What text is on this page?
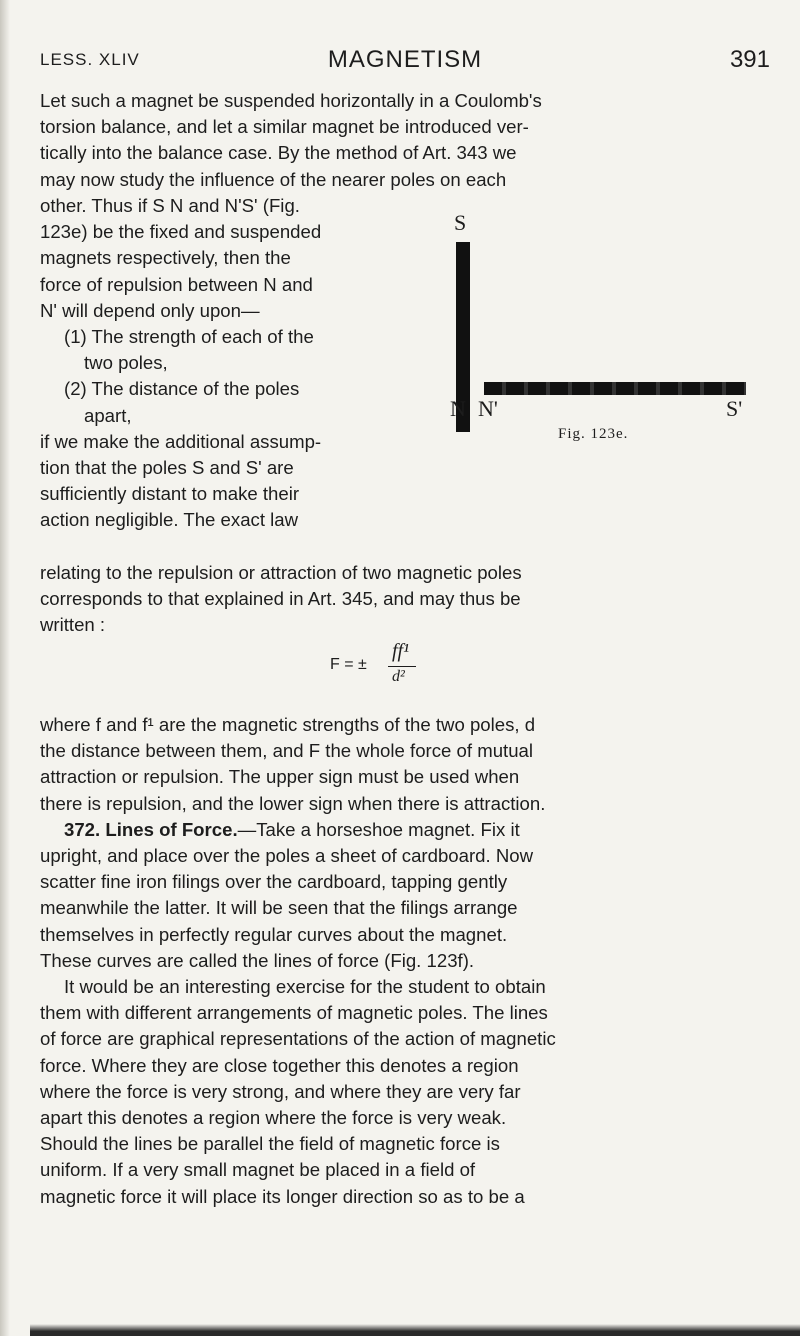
LESS. XLIV	MAGNETISM	391

Let such a magnet be suspended horizontally in a Coulomb's

torsion balance, and let a similar magnet be introduced ver-

tically into the balance case. By the method of Art. 343 we

may now study the influence of the nearer poles on each

other. Thus if S N and N'S' (Fig.

123e) be the fixed and suspended

magnets respectively, then the

force of repulsion between N and

N' will depend only upon—

(1) The strength of each of the

two poles,

(2) The distance of the poles

apart,

if we make the additional assump-

tion that the poles S and S' are

sufficiently distant to make their

action negligible. The exact law

S
N N'	S'
Fig. 123e.

relating to the repulsion or attraction of two magnetic poles

corresponds to that explained in Art. 345, and may thus be

written :

F = ±
ff¹
d²

where f and f¹ are the magnetic strengths of the two poles, d

the distance between them, and F the whole force of mutual

attraction or repulsion. The upper sign must be used when

there is repulsion, and the lower sign when there is attraction.

372. Lines of Force.—Take a horseshoe magnet. Fix it

upright, and place over the poles a sheet of cardboard. Now

scatter fine iron filings over the cardboard, tapping gently

meanwhile the latter. It will be seen that the filings arrange

themselves in perfectly regular curves about the magnet.

These curves are called the lines of force (Fig. 123f).

It would be an interesting exercise for the student to obtain

them with different arrangements of magnetic poles. The lines

of force are graphical representations of the action of magnetic

force. Where they are close together this denotes a region

where the force is very strong, and where they are very far

apart this denotes a region where the force is very weak.

Should the lines be parallel the field of magnetic force is

uniform. If a very small magnet be placed in a field of

magnetic force it will place its longer direction so as to be a
